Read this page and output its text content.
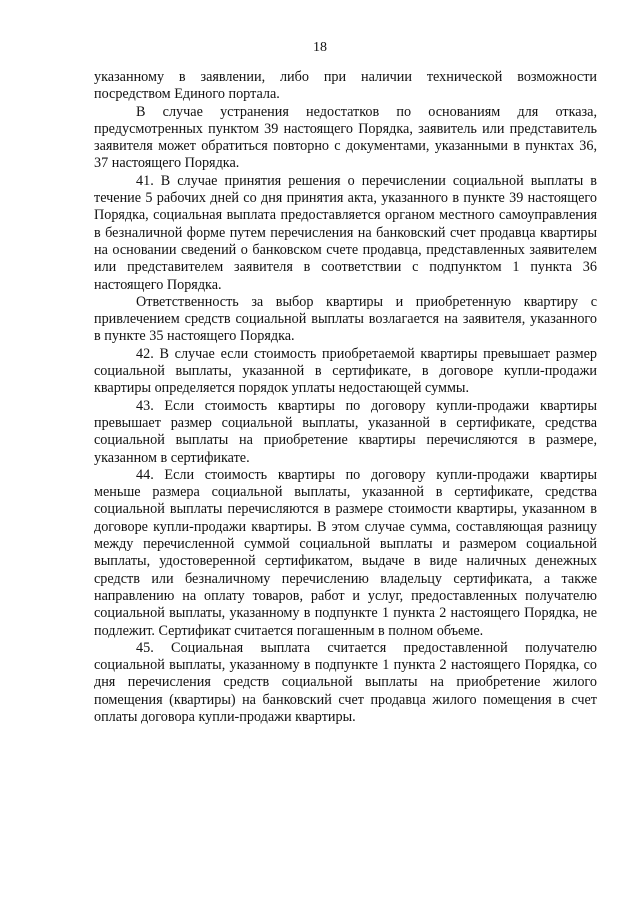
18

указанному в заявлении, либо при наличии технической возможности посредством Единого портала.

В случае устранения недостатков по основаниям для отказа, предусмотренных пунктом 39 настоящего Порядка, заявитель или представитель заявителя может обратиться повторно с документами, указанными в пунктах 36, 37 настоящего Порядка.

41. В случае принятия решения о перечислении социальной выплаты в течение 5 рабочих дней со дня принятия акта, указанного в пункте 39 настоящего Порядка, социальная выплата предоставляется органом местного самоуправления в безналичной форме путем перечисления на банковский счет продавца квартиры на основании сведений о банковском счете продавца, представленных заявителем или представителем заявителя в соответствии с подпунктом 1 пункта 36 настоящего Порядка.

Ответственность за выбор квартиры и приобретенную квартиру с привлечением средств социальной выплаты возлагается на заявителя, указанного в пункте 35 настоящего Порядка.

42. В случае если стоимость приобретаемой квартиры превышает размер социальной выплаты, указанной в сертификате, в договоре купли-продажи квартиры определяется порядок уплаты недостающей суммы.

43. Если стоимость квартиры по договору купли-продажи квартиры превышает размер социальной выплаты, указанной в сертификате, средства социальной выплаты на приобретение квартиры перечисляются в размере, указанном в сертификате.

44. Если стоимость квартиры по договору купли-продажи квартиры меньше размера социальной выплаты, указанной в сертификате, средства социальной выплаты перечисляются в размере стоимости квартиры, указанном в договоре купли-продажи квартиры. В этом случае сумма, составляющая разницу между перечисленной суммой социальной выплаты и размером социальной выплаты, удостоверенной сертификатом, выдаче в виде наличных денежных средств или безналичному перечислению владельцу сертификата, а также направлению на оплату товаров, работ и услуг, предоставленных получателю социальной выплаты, указанному в подпункте 1 пункта 2 настоящего Порядка, не подлежит. Сертификат считается погашенным в полном объеме.

45. Социальная выплата считается предоставленной получателю социальной выплаты, указанному в подпункте 1 пункта 2 настоящего Порядка, со дня перечисления средств социальной выплаты на приобретение жилого помещения (квартиры) на банковский счет продавца жилого помещения в счет оплаты договора купли-продажи квартиры.
